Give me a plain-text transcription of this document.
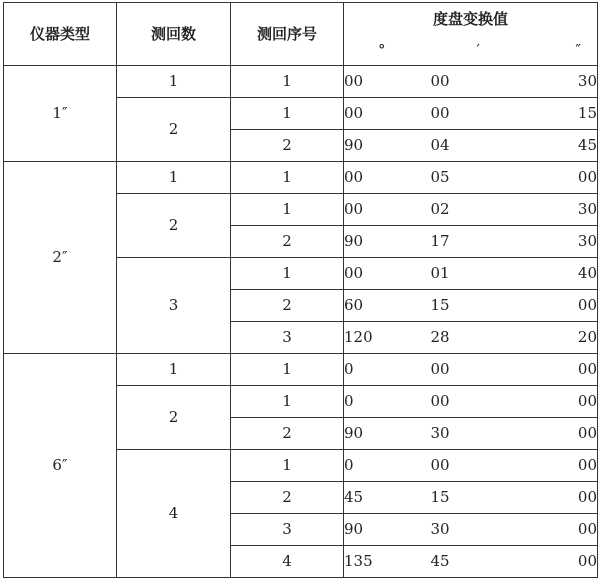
仪器类型	测回数	测回序号	度盘变换值		
			°	′	″
1″	1	1	00	00	30
	2	1	00	00	15
		2	90	04	45
2″	1	1	00	05	00
	2	1	00	02	30
		2	90	17	30
	3	1	00	01	40
		2	60	15	00
		3	120	28	20
6″	1	1	0	00	00
	2	1	0	00	00
		2	90	30	00
	4	1	0	00	00
		2	45	15	00
		3	90	30	00
		4	135	45	00
